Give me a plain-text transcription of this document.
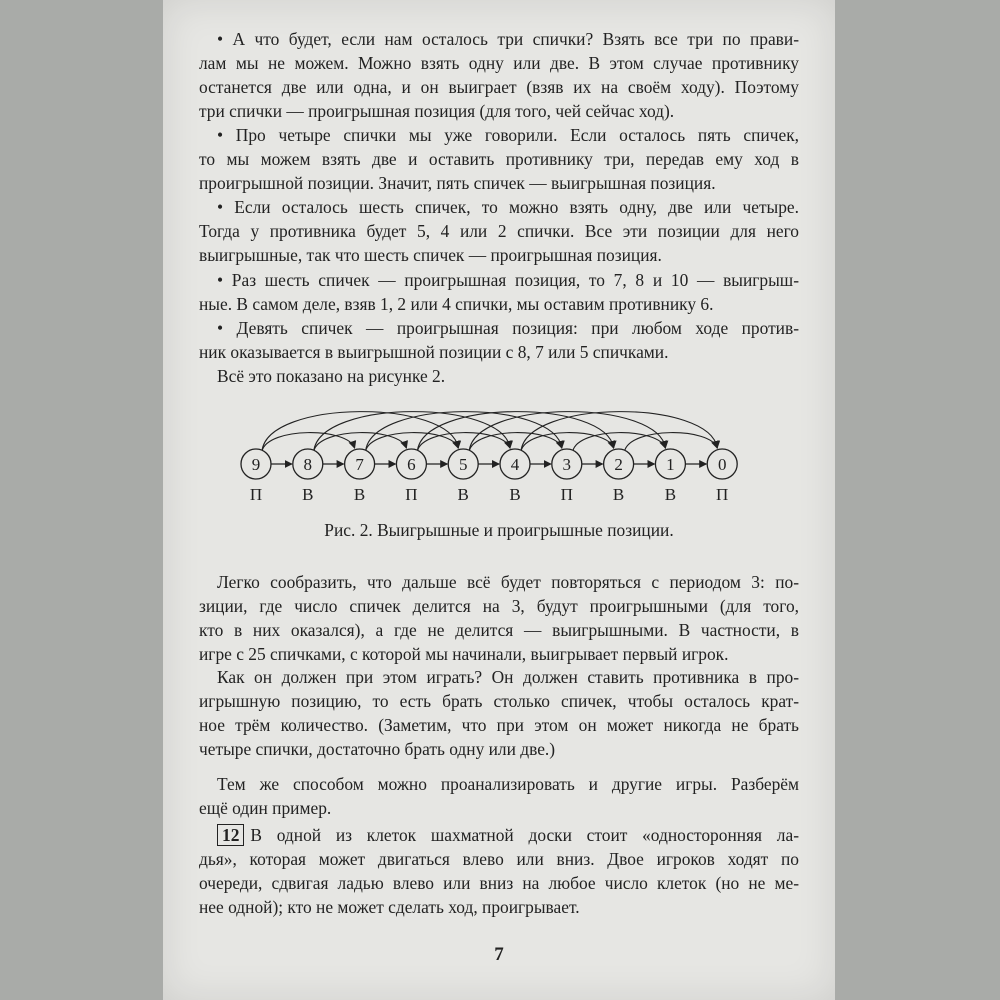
• А что будет, если нам осталось три спички? Взять все три по прави-
лам мы не можем. Можно взять одну или две. В этом случае противнику
останется две или одна, и он выиграет (взяв их на своём ходу). Поэтому
три спички — проигрышная позиция (для того, чей сейчас ход).
• Про четыре спички мы уже говорили. Если осталось пять спичек,
то мы можем взять две и оставить противнику три, передав ему ход в
проигрышной позиции. Значит, пять спичек — выигрышная позиция.
• Если осталось шесть спичек, то можно взять одну, две или четыре.
Тогда у противника будет 5, 4 или 2 спички. Все эти позиции для него
выигрышные, так что шесть спичек — проигрышная позиция.
• Раз шесть спичек — проигрышная позиция, то 7, 8 и 10 — выигрыш-
ные. В самом деле, взяв 1, 2 или 4 спички, мы оставим противнику 6.
• Девять спичек — проигрышная позиция: при любом ходе против-
ник оказывается в выигрышной позиции с 8, 7 или 5 спичками.
Всё это показано на рисунке 2.
9	8	7	6	5	4	3	2	1	0
П В В П В В П В В П
Рис. 2. Выигрышные и проигрышные позиции.
Легко сообразить, что дальше всё будет повторяться с периодом 3: по-
зиции, где число спичек делится на 3, будут проигрышными (для того,
кто в них оказался), а где не делится — выигрышными. В частности, в
игре с 25 спичками, с которой мы начинали, выигрывает первый игрок.
Как он должен при этом играть? Он должен ставить противника в про-
игрышную позицию, то есть брать столько спичек, чтобы осталось крат-
ное трём количество. (Заметим, что при этом он может никогда не брать
четыре спички, достаточно брать одну или две.)
Тем же способом можно проанализировать и другие игры. Разберём
ещё один пример.
12 В одной из клеток шахматной доски стоит «односторонняя ла-
дья», которая может двигаться влево или вниз. Двое игроков ходят по
очереди, сдвигая ладью влево или вниз на любое число клеток (но не ме-
нее одной); кто не может сделать ход, проигрывает.
7
